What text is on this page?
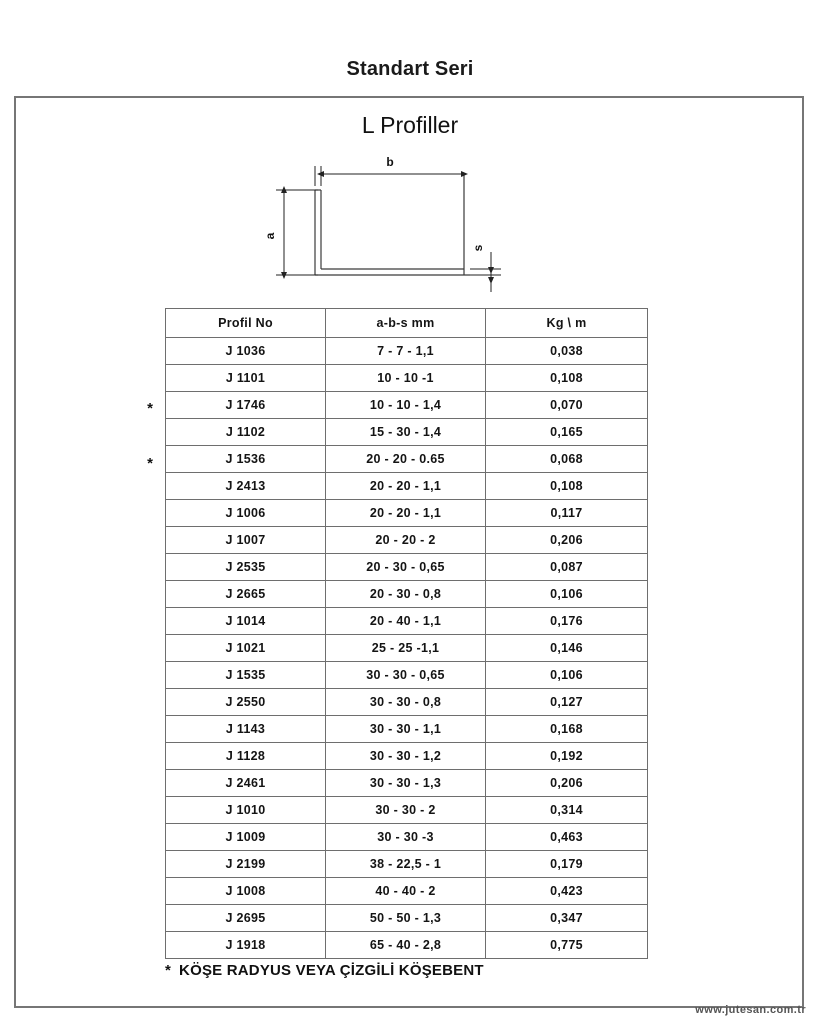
Standart Seri
L Profiller
b
a
s
*
*
Profil No	a-b-s mm	Kg \ m
J 1036	7 - 7 - 1,1	0,038
J 1101	10 - 10 -1	0,108
J 1746	10 - 10 - 1,4	0,070
J 1102	15 - 30 - 1,4	0,165
J 1536	20 - 20 - 0.65	0,068
J 2413	20 - 20 - 1,1	0,108
J 1006	20 - 20 - 1,1	0,117
J 1007	20 - 20 - 2	0,206
J 2535	20 - 30 - 0,65	0,087
J 2665	20 - 30 - 0,8	0,106
J 1014	20 - 40 - 1,1	0,176
J 1021	25 - 25 -1,1	0,146
J 1535	30 - 30 - 0,65	0,106
J 2550	30 - 30 - 0,8	0,127
J 1143	30 - 30 - 1,1	0,168
J 1128	30 - 30 - 1,2	0,192
J 2461	30 - 30 - 1,3	0,206
J 1010	30 - 30 - 2	0,314
J 1009	30 - 30 -3	0,463
J 2199	38 - 22,5 - 1	0,179
J 1008	40 - 40 - 2	0,423
J 2695	50 - 50 - 1,3	0,347
J 1918	65 - 40 - 2,8	0,775
* KÖŞE RADYUS VEYA ÇİZGİLİ KÖŞEBENT
www.jutesan.com.tr
